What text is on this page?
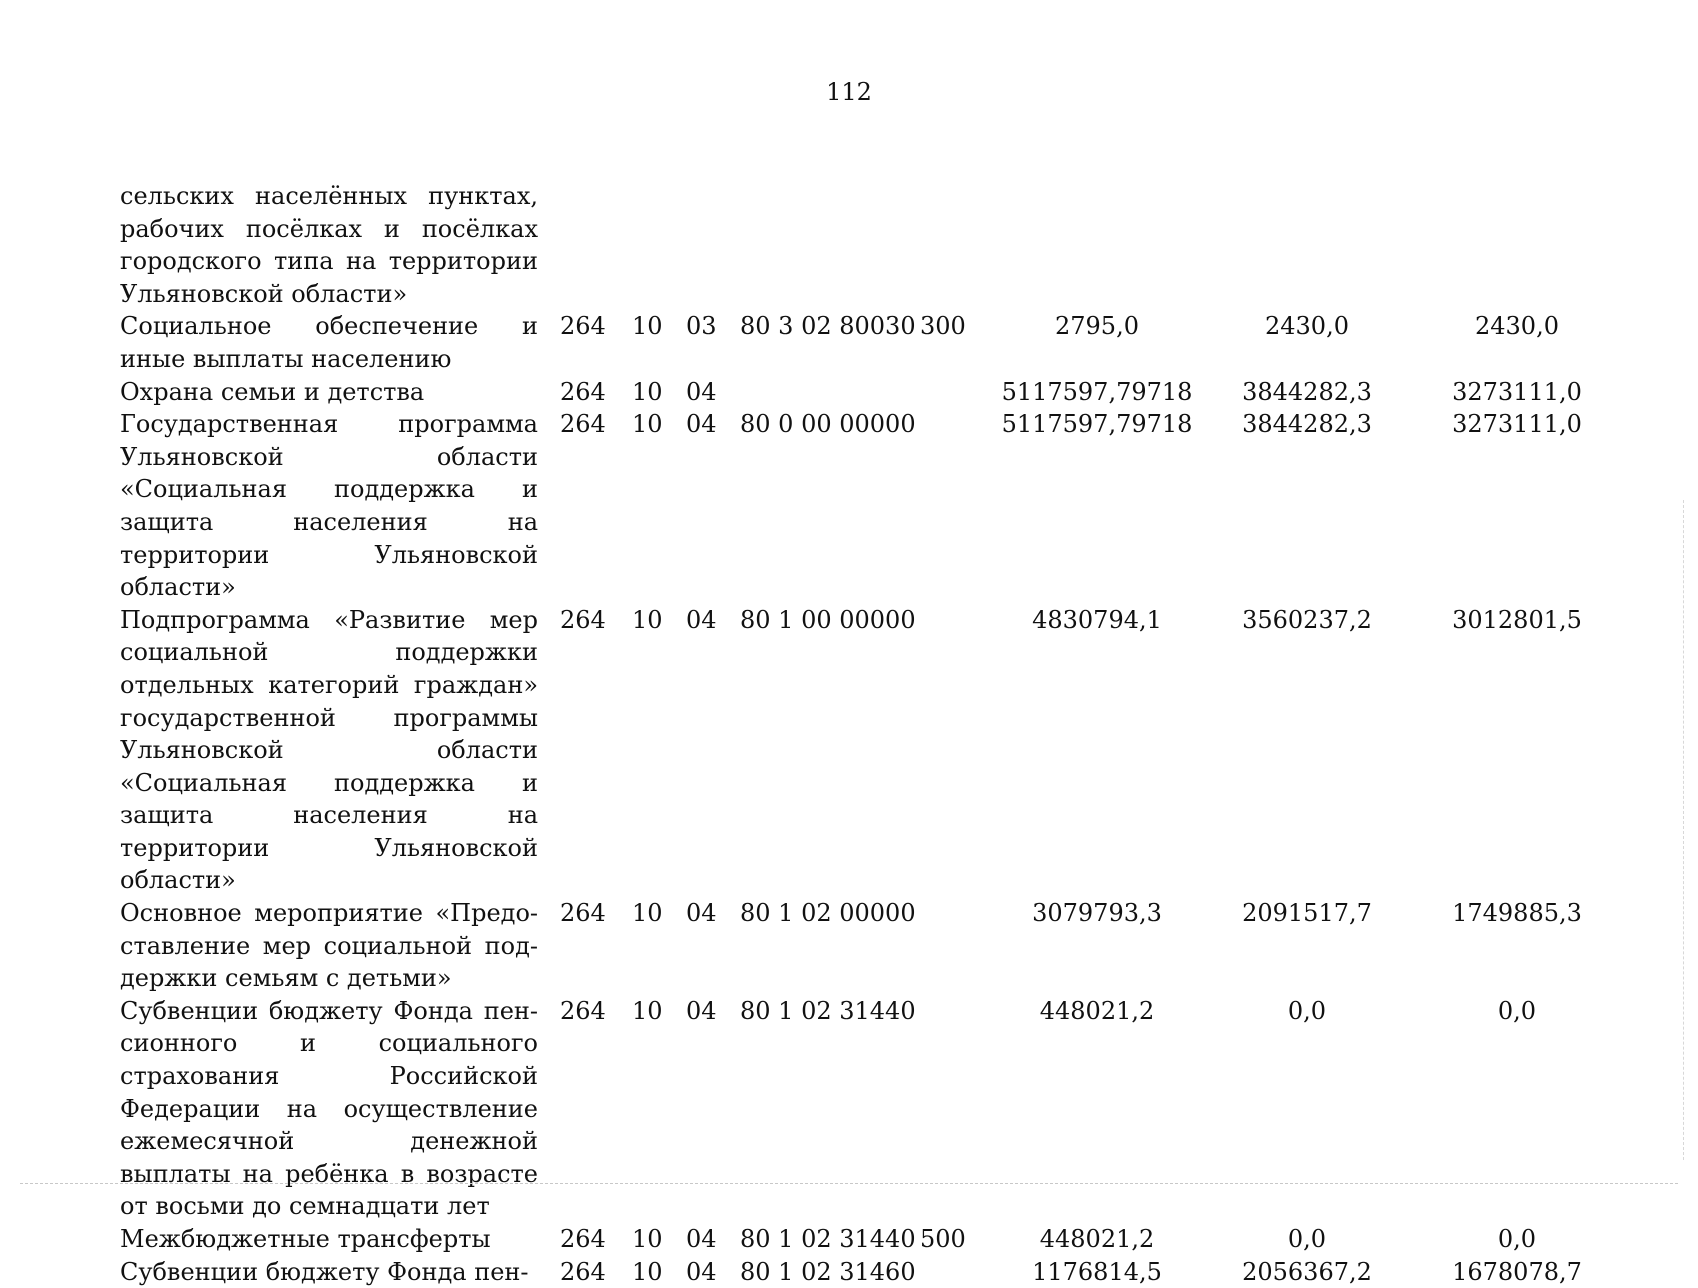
112
сельских населённых пунктах, рабочих посёлках и посёлках городского типа на территории Ульяновской области»								
Социальное обеспечение и иные выплаты населению	264	10	03	80 3 02 80030	300	2795,0	2430,0	2430,0
Охрана семьи и детства	264	10	04			5117597,79718	3844282,3	3273111,0
Государственная программа Ульяновской области «Социальная поддержка и защита населения на территории Ульяновской области»	264	10	04	80 0 00 00000		5117597,79718	3844282,3	3273111,0
Подпрограмма «Развитие мер социальной поддержки отдельных категорий граждан» государственной программы Ульяновской области «Социальная поддержка и защита населения на территории Ульяновской области»	264	10	04	80 1 00 00000		4830794,1	3560237,2	3012801,5
Основное мероприятие «Предоставление мер социальной поддержки семьям с детьми»	264	10	04	80 1 02 00000		3079793,3	2091517,7	1749885,3
Субвенции бюджету Фонда пенсионного и социального страхования Российской Федерации на осуществление ежемесячной денежной выплаты на ребёнка в возрасте от восьми до семнадцати лет	264	10	04	80 1 02 31440		448021,2	0,0	0,0
Межбюджетные трансферты	264	10	04	80 1 02 31440	500	448021,2	0,0	0,0
Субвенции бюджету Фонда пен-	264	10	04	80 1 02 31460		1176814,5	2056367,2	1678078,7
